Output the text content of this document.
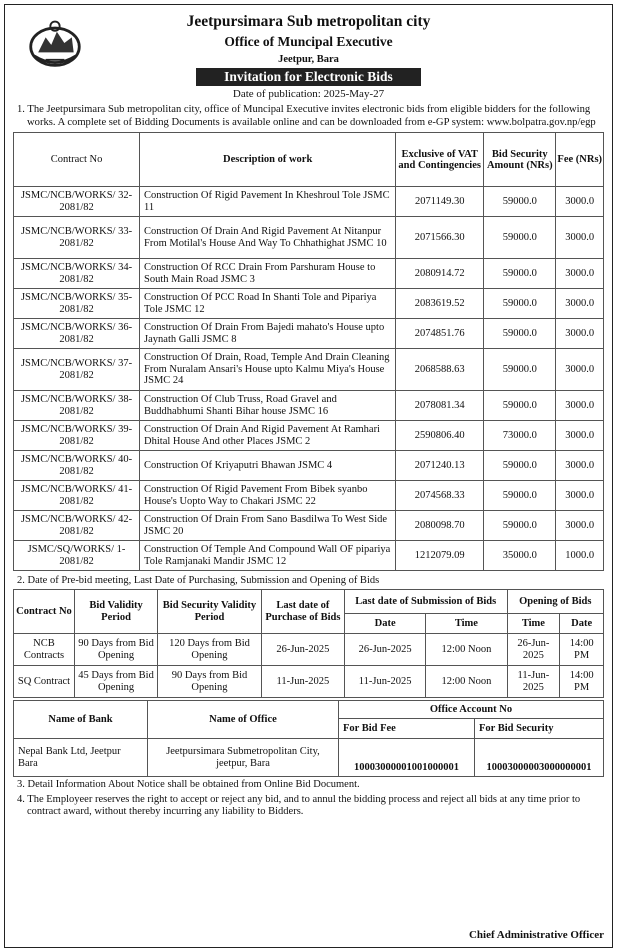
Jeetpursimara Sub metropolitan city
Office of Muncipal Executive
Jeetpur, Bara
Invitation for Electronic Bids
Date of publication: 2025-May-27
1. The Jeetpursimara Sub metropolitan city, office of Muncipal Executive invites electronic bids from eligible bidders for the following works. A complete set of Bidding Documents is available online and can be downloaded from e-GP system: www.bolpatra.gov.np/egp
Contract No	Description of work	Exclusive of VAT and Contingencies	Bid Security Amount (NRs)	Fee (NRs)
JSMC/NCB/WORKS/ 32-2081/82	Construction Of Rigid Pavement In Kheshroul Tole JSMC 11	2071149.30	59000.0	3000.0
JSMC/NCB/WORKS/ 33-2081/82	Construction Of Drain And Rigid Pavement At Nitanpur From Motilal's House And Way To Chhathighat JSMC 10	2071566.30	59000.0	3000.0
JSMC/NCB/WORKS/ 34-2081/82	Construction Of RCC Drain From Parshuram House to South Main Road JSMC 3	2080914.72	59000.0	3000.0
JSMC/NCB/WORKS/ 35-2081/82	Construction Of PCC Road In Shanti Tole and Pipariya Tole JSMC 12	2083619.52	59000.0	3000.0
JSMC/NCB/WORKS/ 36-2081/82	Construction Of Drain From Bajedi mahato's House upto Jaynath Galli JSMC 8	2074851.76	59000.0	3000.0
JSMC/NCB/WORKS/ 37-2081/82	Construction Of Drain, Road, Temple And Drain Cleaning From Nuralam Ansari's House upto Kalmu Miya's House JSMC 24	2068588.63	59000.0	3000.0
JSMC/NCB/WORKS/ 38-2081/82	Construction Of Club Truss, Road Gravel and Buddhabhumi Shanti Bihar house JSMC 16	2078081.34	59000.0	3000.0
JSMC/NCB/WORKS/ 39-2081/82	Construction Of Drain And Rigid Pavement At Ramhari Dhital House And other Places JSMC 2	2590806.40	73000.0	3000.0
JSMC/NCB/WORKS/ 40-2081/82	Construction Of Kriyaputri Bhawan JSMC 4	2071240.13	59000.0	3000.0
JSMC/NCB/WORKS/ 41-2081/82	Construction Of Rigid Pavement From Bibek syanbo House's Uopto Way to Chakari JSMC 22	2074568.33	59000.0	3000.0
JSMC/NCB/WORKS/ 42-2081/82	Construction Of Drain From Sano Basdilwa To West Side JSMC 20	2080098.70	59000.0	3000.0
JSMC/SQ/WORKS/ 1-2081/82	Construction Of Temple And Compound Wall OF pipariya Tole Ramjanaki Mandir JSMC 12	1212079.09	35000.0	1000.0
2. Date of Pre-bid meeting, Last Date of Purchasing, Submission and Opening of Bids
Contract No	Bid Validity Period	Bid Security Validity Period	Last date of Purchase of Bids	Last date of Submission of Bids		Opening of Bids	
				Date	Time	Time	Date
NCB Contracts	90 Days from Bid Opening	120 Days from Bid Opening	26-Jun-2025	26-Jun-2025	12:00 Noon	26-Jun-2025	14:00 PM
SQ Contract	45 Days from Bid Opening	90 Days from Bid Opening	11-Jun-2025	11-Jun-2025	12:00 Noon	11-Jun-2025	14:00 PM
Name of Bank	Name of Office	Office Account No	
		For Bid Fee	For Bid Security
Nepal Bank Ltd, Jeetpur Bara	Jeetpursimara Submetropolitan City, jeetpur, Bara	10003000001001000001	10003000003000000001
3. Detail Information About Notice shall be obtained from Online Bid Document.
4. The Employeer reserves the right to accept or reject any bid, and to annul the bidding process and reject all bids at any time prior to contract award, without thereby incurring any liability to Bidders.
Chief Administrative Officer
